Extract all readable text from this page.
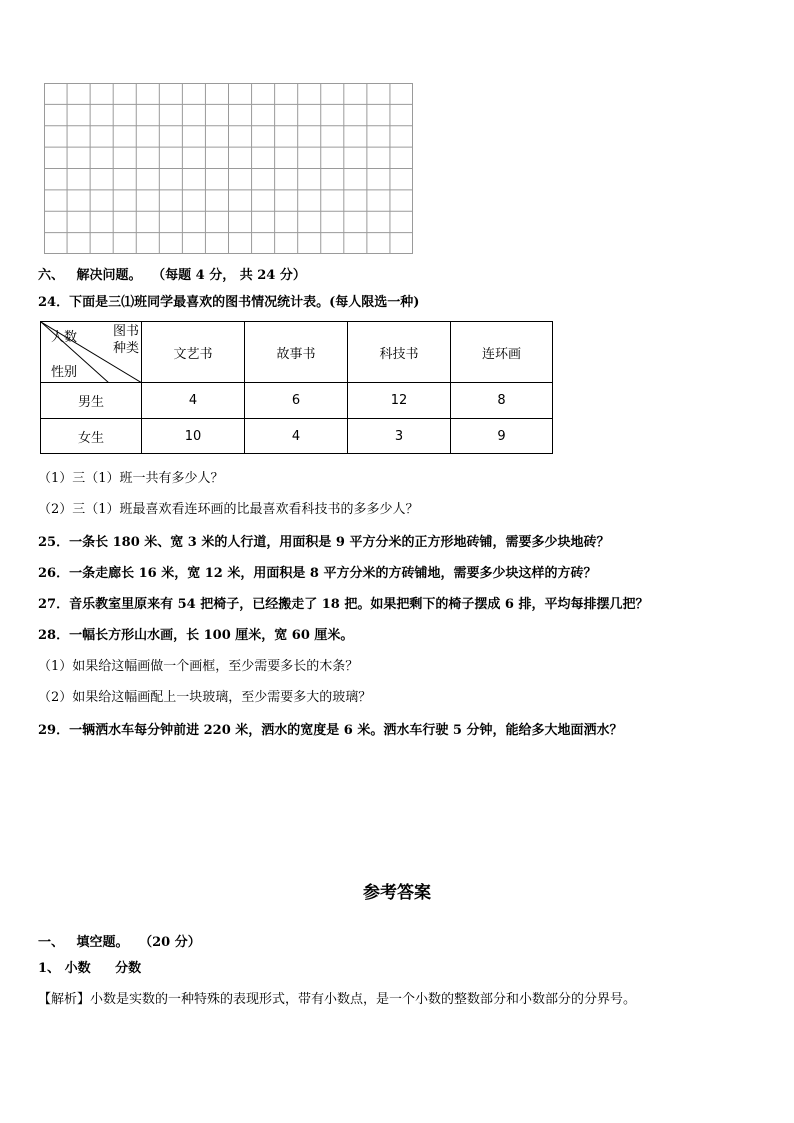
六、 解决问题。 （每题 4 分， 共 24 分）
24．下面是三⑴班同学最喜欢的图书情况统计表。(每人限选一种)
图书
种类
人数
性别	文艺书	故事书	科技书	连环画
男生	4	6	12	8
女生	10	4	3	9
（1）三（1）班一共有多少人？
（2）三（1）班最喜欢看连环画的比最喜欢看科技书的多多少人？
25．一条长 180 米、宽 3 米的人行道，用面积是 9 平方分米的正方形地砖铺，需要多少块地砖？
26．一条走廊长 16 米，宽 12 米，用面积是 8 平方分米的方砖铺地，需要多少块这样的方砖？
27．音乐教室里原来有 54 把椅子，已经搬走了 18 把。如果把剩下的椅子摆成 6 排，平均每排摆几把？
28．一幅长方形山水画，长 100 厘米，宽 60 厘米。
（1）如果给这幅画做一个画框，至少需要多长的木条？
（2）如果给这幅画配上一块玻璃，至少需要多大的玻璃？
29．一辆洒水车每分钟前进 220 米，洒水的宽度是 6 米。洒水车行驶 5 分钟，能给多大地面洒水？
参考答案
一、 填空题。 （20 分）
1、 小数 分数
【解析】小数是实数的一种特殊的表现形式，带有小数点，是一个小数的整数部分和小数部分的分界号。
